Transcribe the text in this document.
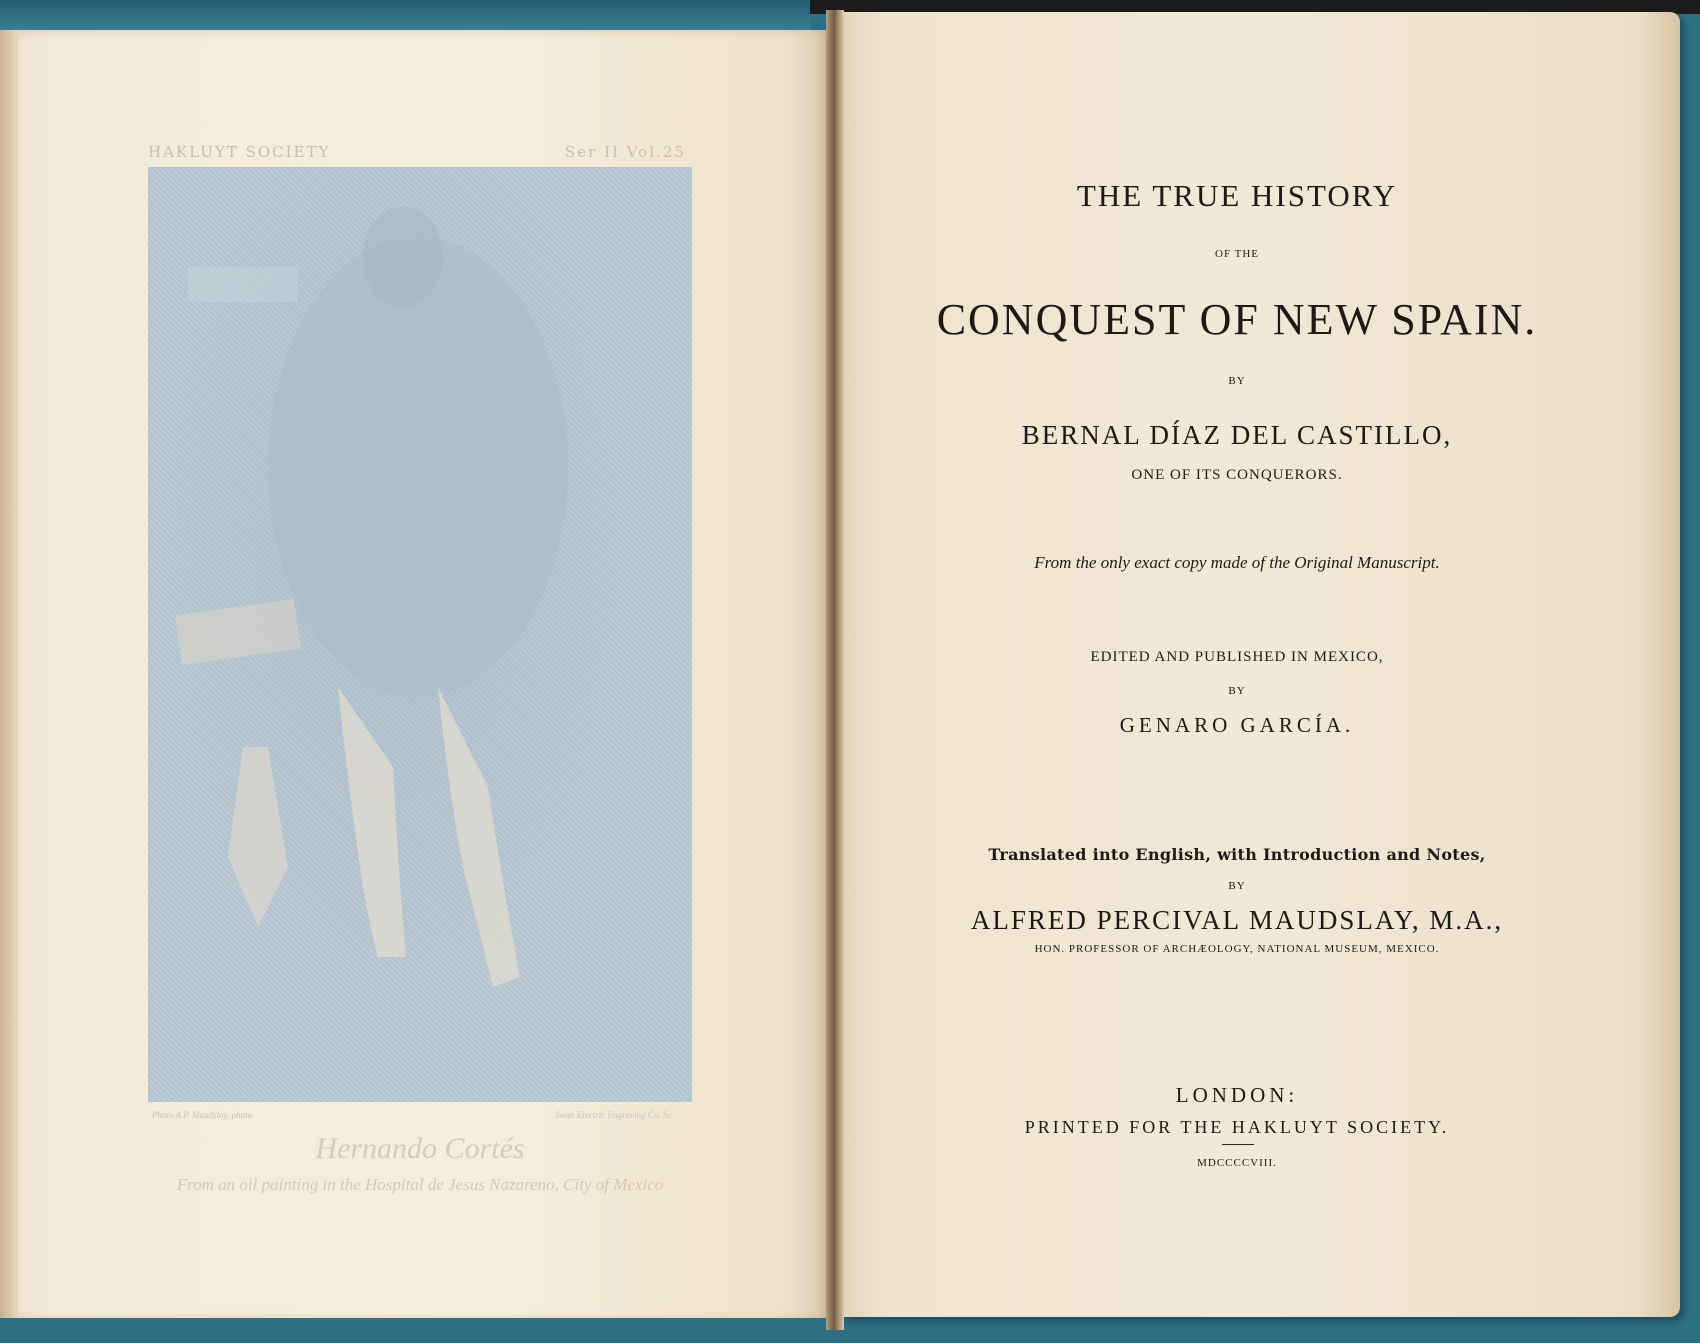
HAKLUYT SOCIETY	Ser II Vol.25
Photo A.P. Maudslay, photo	Swan Electric Engraving Co. Sc.
Hernando Cortés
From an oil painting in the Hospital de Jesus Nazareno, City of Mexico

THE TRUE HISTORY

OF THE

CONQUEST OF NEW SPAIN.

BY

BERNAL DÍAZ DEL CASTILLO,

ONE OF ITS CONQUERORS.

From the only exact copy made of the Original Manuscript.

EDITED AND PUBLISHED IN MEXICO,

BY

GENARO GARCÍA.

Translated into English, with Introduction and Notes,

BY

ALFRED PERCIVAL MAUDSLAY, M.A.,

HON. PROFESSOR OF ARCHÆOLOGY, NATIONAL MUSEUM, MEXICO.

LONDON:

PRINTED FOR THE HAKLUYT SOCIETY.

MDCCCCVIII.
